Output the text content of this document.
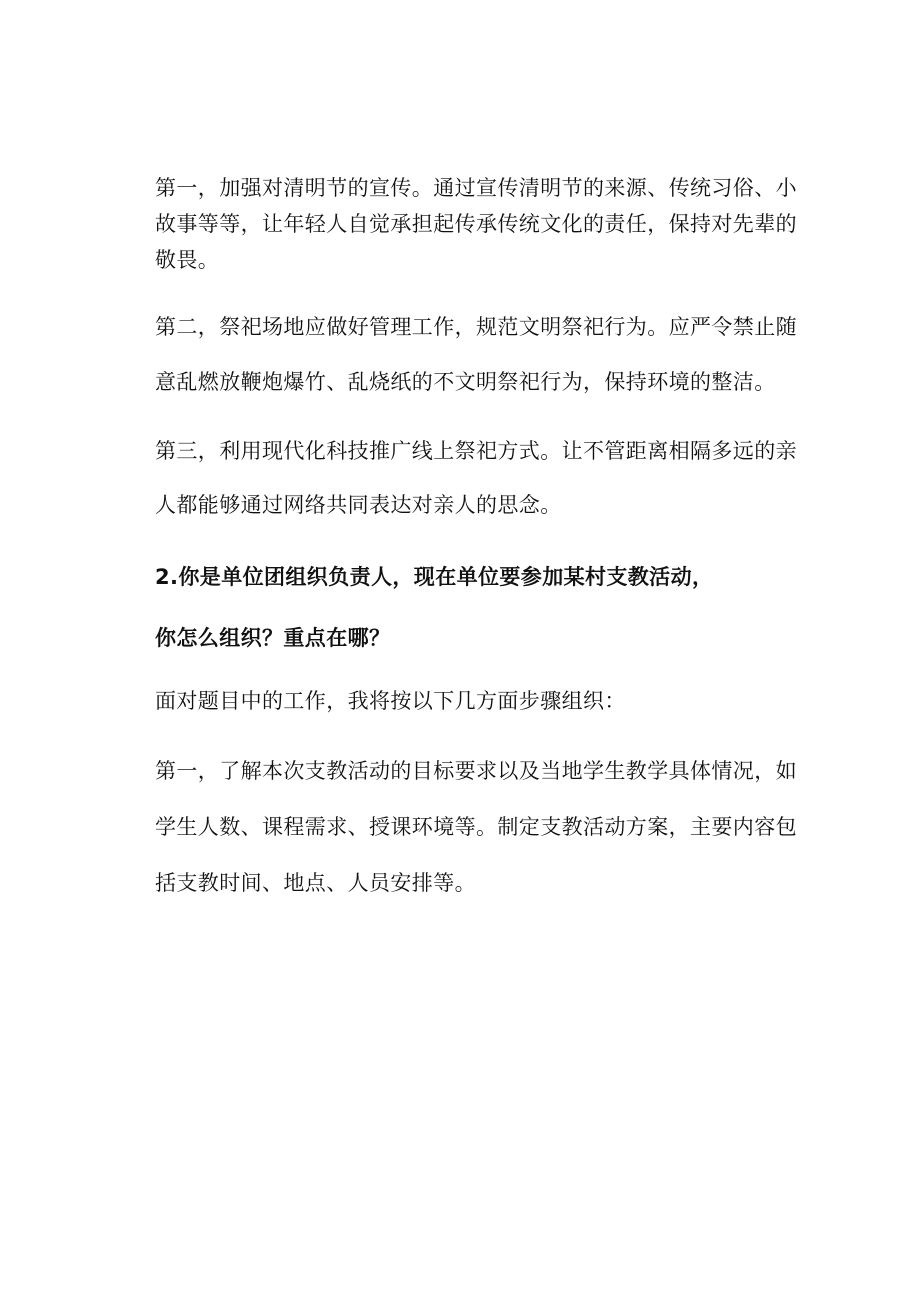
第一，加强对清明节的宣传。通过宣传清明节的来源、传统习俗、小

故事等等，让年轻人自觉承担起传承传统文化的责任，保持对先辈的

敬畏。

第二，祭祀场地应做好管理工作，规范文明祭祀行为。应严令禁止随

意乱燃放鞭炮爆竹、乱烧纸的不文明祭祀行为，保持环境的整洁。

第三，利用现代化科技推广线上祭祀方式。让不管距离相隔多远的亲

人都能够通过网络共同表达对亲人的思念。

2.你是单位团组织负责人，现在单位要参加某村支教活动，

你怎么组织？重点在哪？

面对题目中的工作，我将按以下几方面步骤组织：

第一，了解本次支教活动的目标要求以及当地学生教学具体情况，如

学生人数、课程需求、授课环境等。制定支教活动方案，主要内容包

括支教时间、地点、人员安排等。
